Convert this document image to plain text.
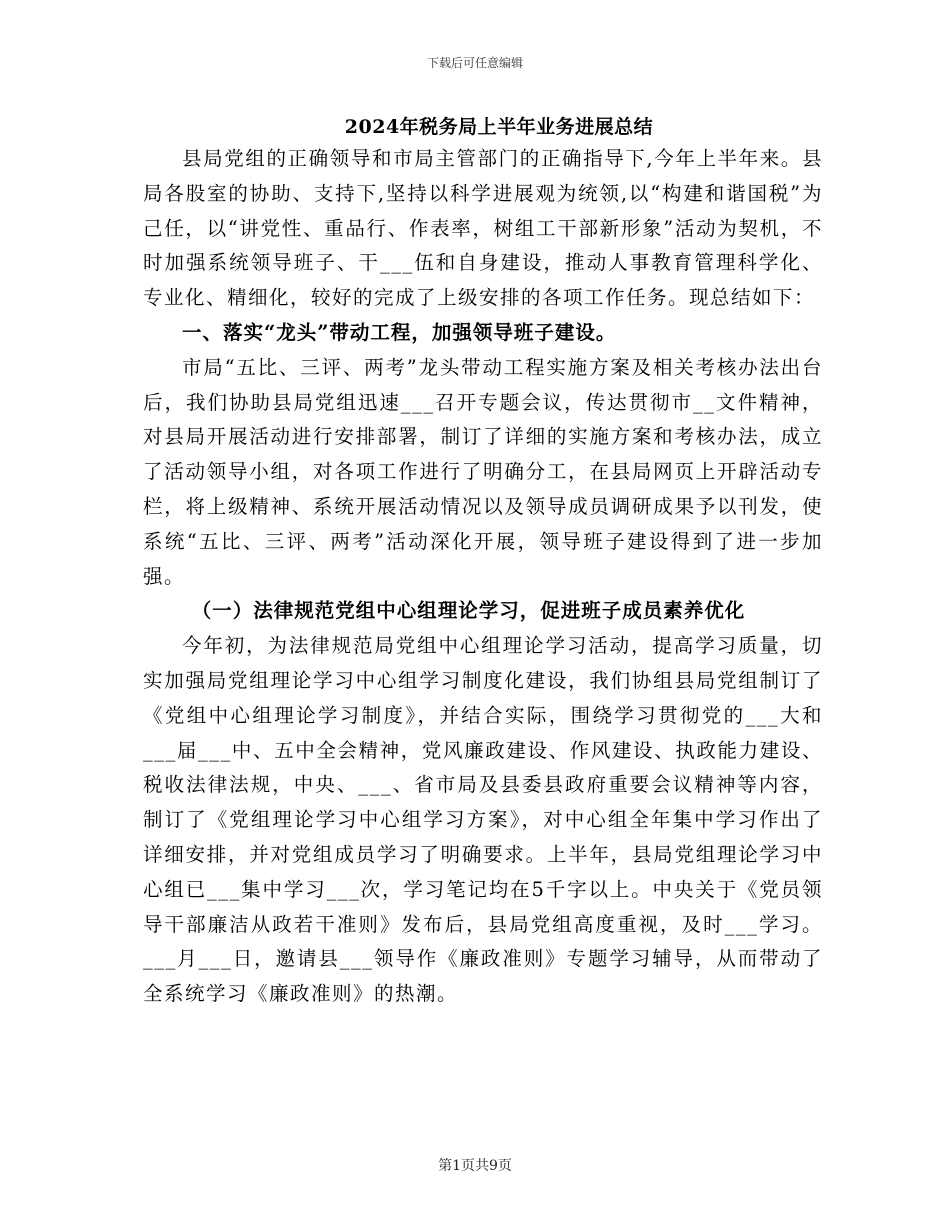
下载后可任意编辑
2024年税务局上半年业务进展总结

县局党组的正确领导和市局主管部门的正确指导下,今年上半年来。县局各股室的协助、支持下,坚持以科学进展观为统领,以“构建和谐国税”为己任，以“讲党性、重品行、作表率，树组工干部新形象”活动为契机，不时加强系统领导班子、干___伍和自身建设，推动人事教育管理科学化、专业化、精细化，较好的完成了上级安排的各项工作任务。现总结如下：

一、落实“龙头”带动工程，加强领导班子建设。

市局“五比、三评、两考”龙头带动工程实施方案及相关考核办法出台后，我们协助县局党组迅速___召开专题会议，传达贯彻市__文件精神，对县局开展活动进行安排部署，制订了详细的实施方案和考核办法，成立了活动领导小组，对各项工作进行了明确分工，在县局网页上开辟活动专栏，将上级精神、系统开展活动情况以及领导成员调研成果予以刊发，使系统“五比、三评、两考”活动深化开展，领导班子建设得到了进一步加强。

（一）法律规范党组中心组理论学习，促进班子成员素养优化

今年初，为法律规范局党组中心组理论学习活动，提高学习质量，切实加强局党组理论学习中心组学习制度化建设，我们协组县局党组制订了《党组中心组理论学习制度》，并结合实际，围绕学习贯彻党的___大和___届___中、五中全会精神，党风廉政建设、作风建设、执政能力建设、税收法律法规，中央、___、省市局及县委县政府重要会议精神等内容，制订了《党组理论学习中心组学习方案》，对中心组全年集中学习作出了详细安排，并对党组成员学习了明确要求。上半年，县局党组理论学习中心组已___集中学习___次，学习笔记均在5千字以上。中央关于《党员领导干部廉洁从政若干准则》发布后，县局党组高度重视，及时___学习。___月___日，邀请县___领导作《廉政准则》专题学习辅导，从而带动了全系统学习《廉政准则》的热潮。

第1页共9页
